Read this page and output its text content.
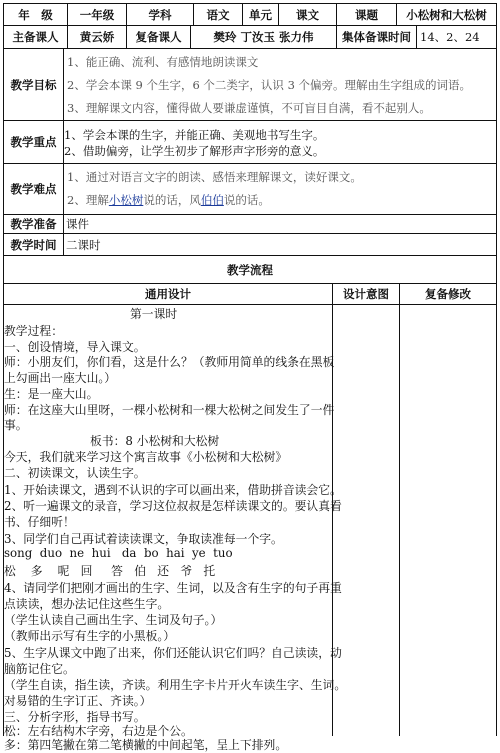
年　级	一年级	学科	语文	单元	课文	课题	小松树和大松树
主备课人	黄云娇	复备课人	樊玲 丁汝玉 张力伟	集体备课时间 14、2、24
教学目标
1、能正确、流利、有感情地朗读课文
2、学会本课 9 个生字，6 个二类字，认识 3 个偏旁。理解由生字组成的词语。
3、理解课文内容，懂得做人要谦虚谨慎，不可盲目自满，看不起别人。
教学重点 1、学会本课的生字，并能正确、美观地书写生字。
2、借助偏旁，让学生初步了解形声字形旁的意义。
教学难点
1、通过对语言文字的朗读、感悟来理解课文，读好课文。
2、理解小松树说的话，风伯伯说的话。
教学准备 课件
教学时间 二课时
教学流程
通用设计	设计意图	复备修改
第一课时
教学过程：
一、创设情境，导入课文。
师：小朋友们，你们看，这是什么？（教师用简单的线条在黑板
上勾画出一座大山。）
生：是一座大山。
师：在这座大山里呀，一棵小松树和一棵大松树之间发生了一件
事。
板书：8 小松树和大松树
今天，我们就来学习这个寓言故事《小松树和大松树》
二、初读课文，认读生字。
1、开始读课文，遇到不认识的字可以画出来，借助拼音读会它。
2、听一遍课文的录音，学习这位叔叔是怎样读课文的。要认真看
书、仔细听！
3、同学们自己再试着读读课文，争取读准每一个字。
song  duo  ne  hui   da  bo  hai  ye  tuo
松    多    呢   回     答   伯   还   爷   托
4、请同学们把刚才画出的生字、生词，以及含有生字的句子再重
点读读，想办法记住这些生字。
（学生认读自己画出生字、生词及句子。）
（教师出示写有生字的小黑板。）
5、生字从课文中跑了出来，你们还能认识它们吗？自己读读，动
脑筋记住它。
（学生自读，指生读，齐读。利用生字卡片开火车读生字、生词。
对易错的生字订正、齐读。）
三、分析字形，指导书写。
松：左右结构木字旁，右边是个公。
多：第四笔撇在第二笔横撇的中间起笔，呈上下排列。
